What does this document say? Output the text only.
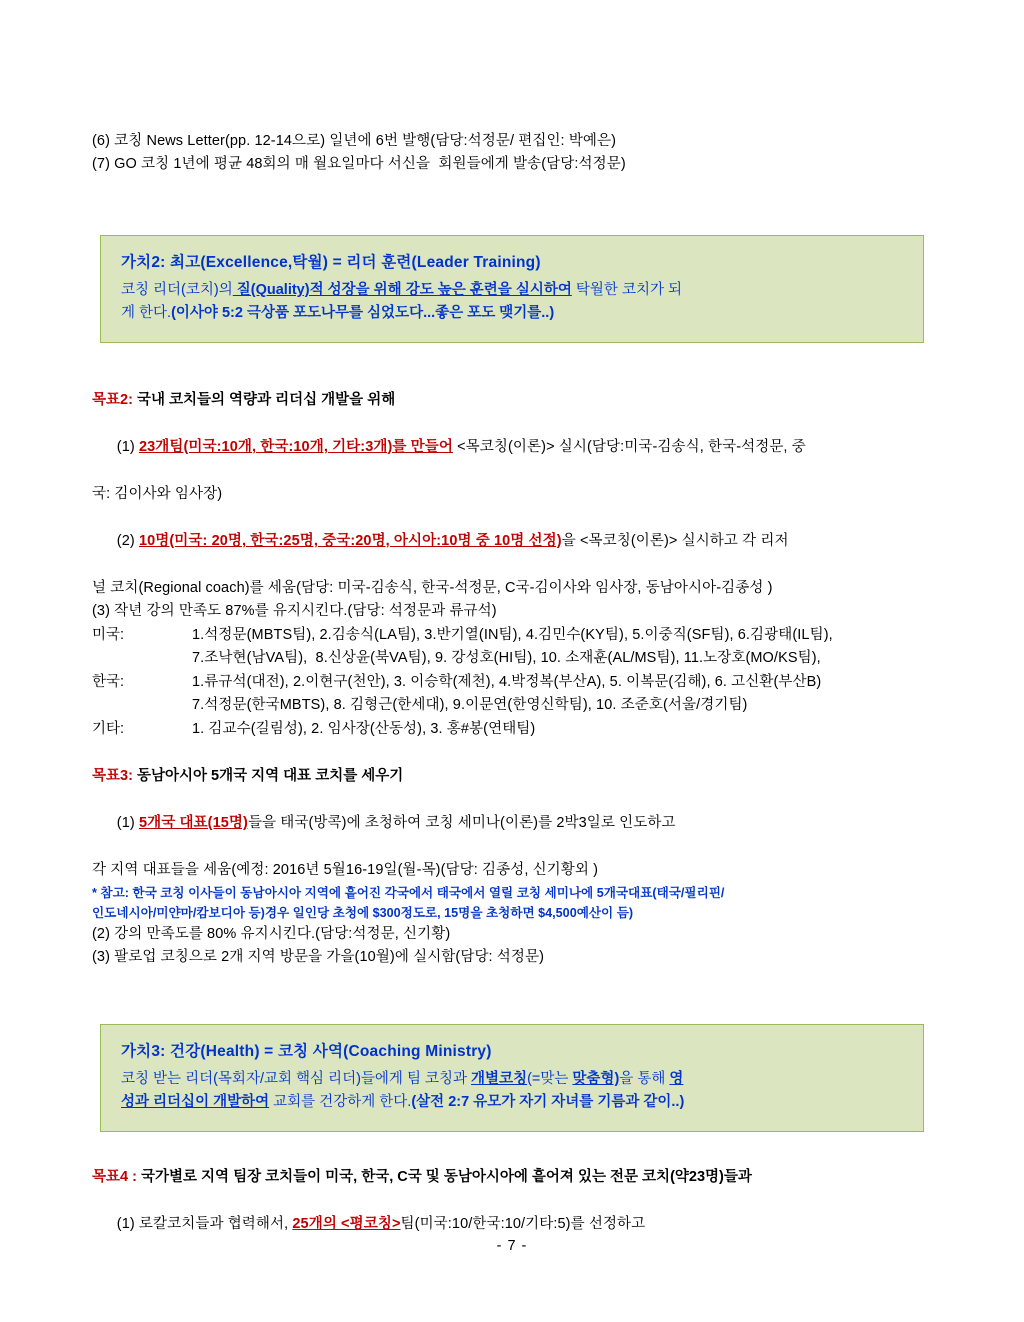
(6) 코칭 News Letter(pp. 12-14으로) 일년에 6번 발행(담당:석정문/ 편집인: 박예은)
(7) GO 코칭 1년에 평균 48회의 매 월요일마다 서신을  회원들에게 발송(담당:석정문)
가치2: 최고(Excellence,탁월) = 리더 훈련(Leader Training)
코칭 리더(코치)의 질(Quality)적 성장을 위해 강도 높은 훈련을 실시하여 탁월한 코치가 되
게 한다.(이사야 5:2 극상품 포도나무를 심었도다...좋은 포도 맺기를..)
목표2: 국내 코치들의 역량과 리더십 개발을 위해

(1) 23개팀(미국:10개, 한국:10개, 기타:3개)를 만들어 <목코칭(이론)> 실시(담당:미국-김송식, 한국-석정문, 중

국: 김이사와 임사장)

(2) 10명(미국: 20명, 한국:25명, 중국:20명, 아시아:10명 중 10명 선정)을 <목코칭(이론)> 실시하고 각 리저

널 코치(Regional coach)를 세움(담당: 미국-김송식, 한국-석정문, C국-김이사와 임사장, 동남아시아-김종성 )
(3) 작년 강의 만족도 87%를 유지시킨다.(담당: 석정문과 류규석)
미국:	1.석정문(MBTS팀), 2.김송식(LA팀), 3.반기열(IN팀), 4.김민수(KY팀), 5.이중직(SF팀), 6.김광태(IL팀), 7.조낙현(남VA팀),  8.신상윤(북VA팀), 9. 강성호(HI팀), 10. 소재훈(AL/MS팀), 11.노장호(MO/KS팀),
한국:	1.류규석(대전), 2.이현구(천안), 3. 이승학(제천), 4.박정복(부산A), 5. 이복문(김해), 6. 고신환(부산B) 7.석정문(한국MBTS), 8. 김형근(한세대), 9.이문연(한영신학팀), 10. 조준호(서울/경기팀)
기타:	1. 김교수(길림성), 2. 임사장(산동성), 3. 홍#봉(연태팀)
목표3: 동남아시아 5개국 지역 대표 코치를 세우기

(1) 5개국 대표(15명)들을 태국(방콕)에 초청하여 코칭 세미나(이론)를 2박3일로 인도하고

각 지역 대표들을 세움(예정: 2016년 5월16-19일(월-목)(담당: 김종성, 신기황외 )
* 참고: 한국 코칭 이사들이 동남아시아 지역에 흩어진 각국에서 태국에서 열릴 코칭 세미나에 5개국대표(태국/필리핀/
인도네시아/미얀마/캄보디아 등)경우 일인당 초청에 $300정도로, 15명을 초청하면 $4,500예산이 듬)
(2) 강의 만족도를 80% 유지시킨다.(담당:석정문, 신기황)
(3) 팔로업 코칭으로 2개 지역 방문을 가을(10월)에 실시함(담당: 석정문)
가치3: 건강(Health) = 코칭 사역(Coaching Ministry)
코칭 받는 리더(목회자/교회 핵심 리더)들에게 팀 코칭과 개별코칭(=맞는 맞춤형)을 통해 영
성과 리더십이 개발하여 교회를 건강하게 한다.(살전 2:7 유모가 자기 자녀를 기름과 같이..)
목표4 : 국가별로 지역 팀장 코치들이 미국, 한국, C국 및 동남아시아에 흩어져 있는 전문 코치(약23명)들과

(1) 로칼코치들과 협력해서, 25개의 <평코칭>팀(미국:10/한국:10/기타:5)를 선정하고

- 7 -
